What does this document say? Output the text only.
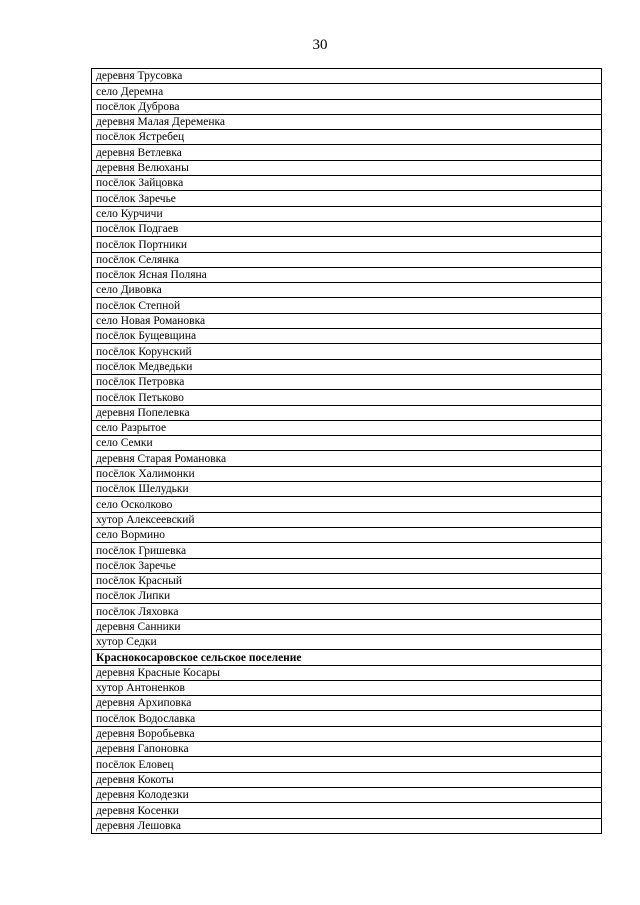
30
деревня Трусовка
село Деремна
посёлок Дуброва
деревня Малая Деременка
посёлок Ястребец
деревня Ветлевка
деревня Велюханы
посёлок Зайцовка
посёлок Заречье
село Курчичи
посёлок Подгаев
посёлок Портники
посёлок Селянка
посёлок Ясная Поляна
село Дивовка
посёлок Степной
село Новая Романовка
посёлок Бущевщина
посёлок Корунский
посёлок Медведьки
посёлок Петровка
посёлок Петьково
деревня Попелевка
село Разрытое
село Семки
деревня Старая Романовка
посёлок Халимонки
посёлок Шелудьки
село Осколково
хутор Алексеевский
село Вормино
посёлок Гришевка
посёлок Заречье
посёлок Красный
посёлок Липки
посёлок Ляховка
деревня Санники
хутор Седки
Краснокосаровское сельское поселение
деревня Красные Косары
хутор Антоненков
деревня Архиповка
посёлок Водославка
деревня Воробьевка
деревня Гапоновка
посёлок Еловец
деревня Кокоты
деревня Колодезки
деревня Косенки
деревня Лешовка
